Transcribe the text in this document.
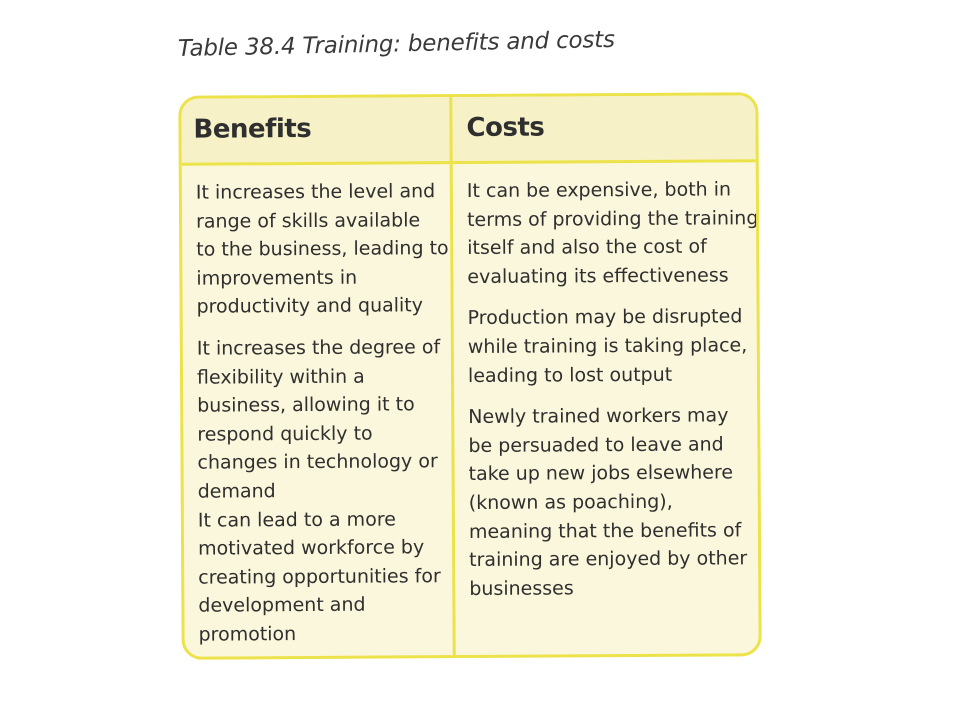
Table 38.4 Training: benefits and costs
Benefits
It increases the level and
range of skills available
to the business, leading to
improvements in
productivity and quality
It increases the degree of
flexibility within a
business, allowing it to
respond quickly to
changes in technology or
demand
It can lead to a more
motivated workforce by
creating opportunities for
development and
promotion
Costs
It can be expensive, both in
terms of providing the training
itself and also the cost of
evaluating its effectiveness
Production may be disrupted
while training is taking place,
leading to lost output
Newly trained workers may
be persuaded to leave and
take up new jobs elsewhere
(known as poaching),
meaning that the benefits of
training are enjoyed by other
businesses
